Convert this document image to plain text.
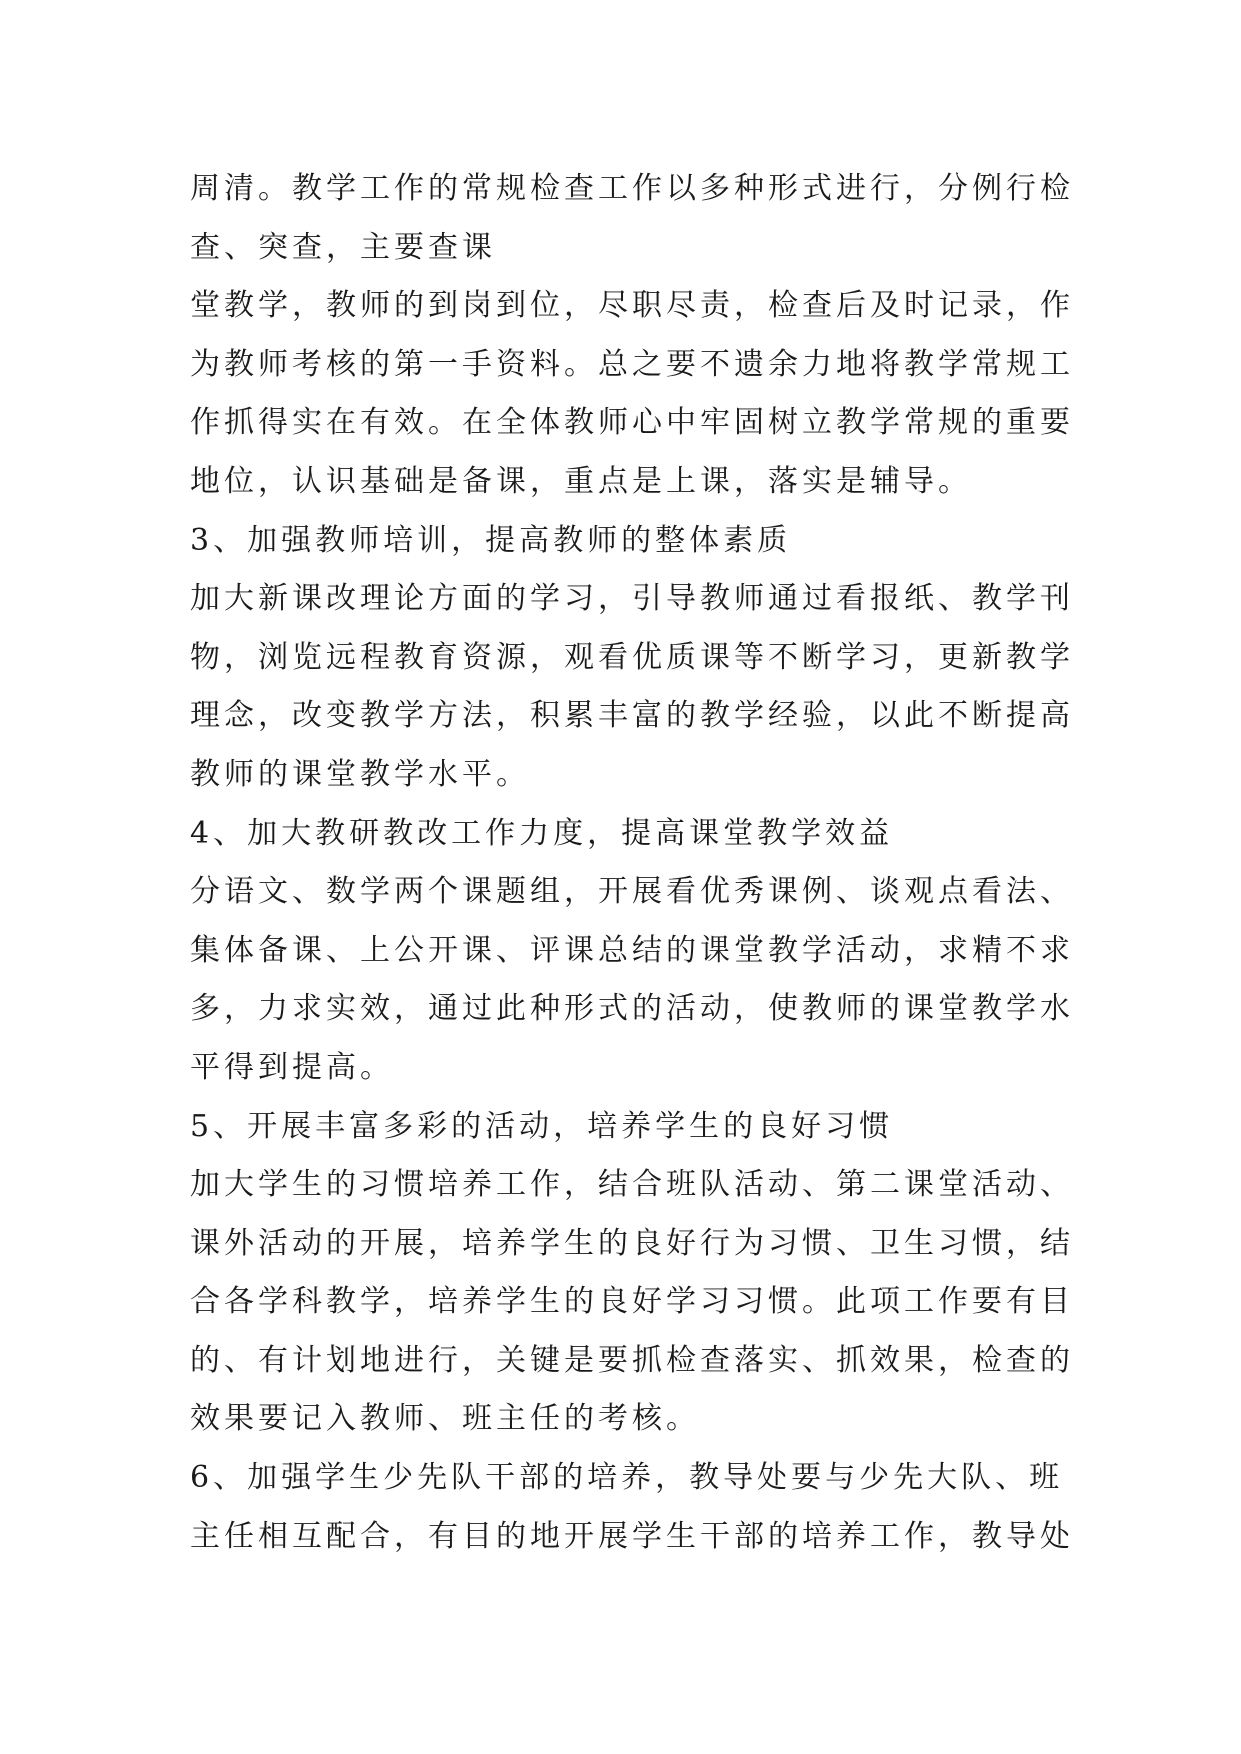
周清。教学工作的常规检查工作以多种形式进行，分例行检
查、突查，主要查课
堂教学，教师的到岗到位，尽职尽责，检查后及时记录，作
为教师考核的第一手资料。总之要不遗余力地将教学常规工
作抓得实在有效。在全体教师心中牢固树立教学常规的重要
地位，认识基础是备课，重点是上课，落实是辅导。
3、加强教师培训，提高教师的整体素质
加大新课改理论方面的学习，引导教师通过看报纸、教学刊
物，浏览远程教育资源，观看优质课等不断学习，更新教学
理念，改变教学方法，积累丰富的教学经验，以此不断提高
教师的课堂教学水平。
4、加大教研教改工作力度，提高课堂教学效益
分语文、数学两个课题组，开展看优秀课例、谈观点看法、
集体备课、上公开课、评课总结的课堂教学活动，求精不求
多，力求实效，通过此种形式的活动，使教师的课堂教学水
平得到提高。
5、开展丰富多彩的活动，培养学生的良好习惯
加大学生的习惯培养工作，结合班队活动、第二课堂活动、
课外活动的开展，培养学生的良好行为习惯、卫生习惯，结
合各学科教学，培养学生的良好学习习惯。此项工作要有目
的、有计划地进行，关键是要抓检查落实、抓效果，检查的
效果要记入教师、班主任的考核。
6、加强学生少先队干部的培养，教导处要与少先大队、班
主任相互配合，有目的地开展学生干部的培养工作，教导处
